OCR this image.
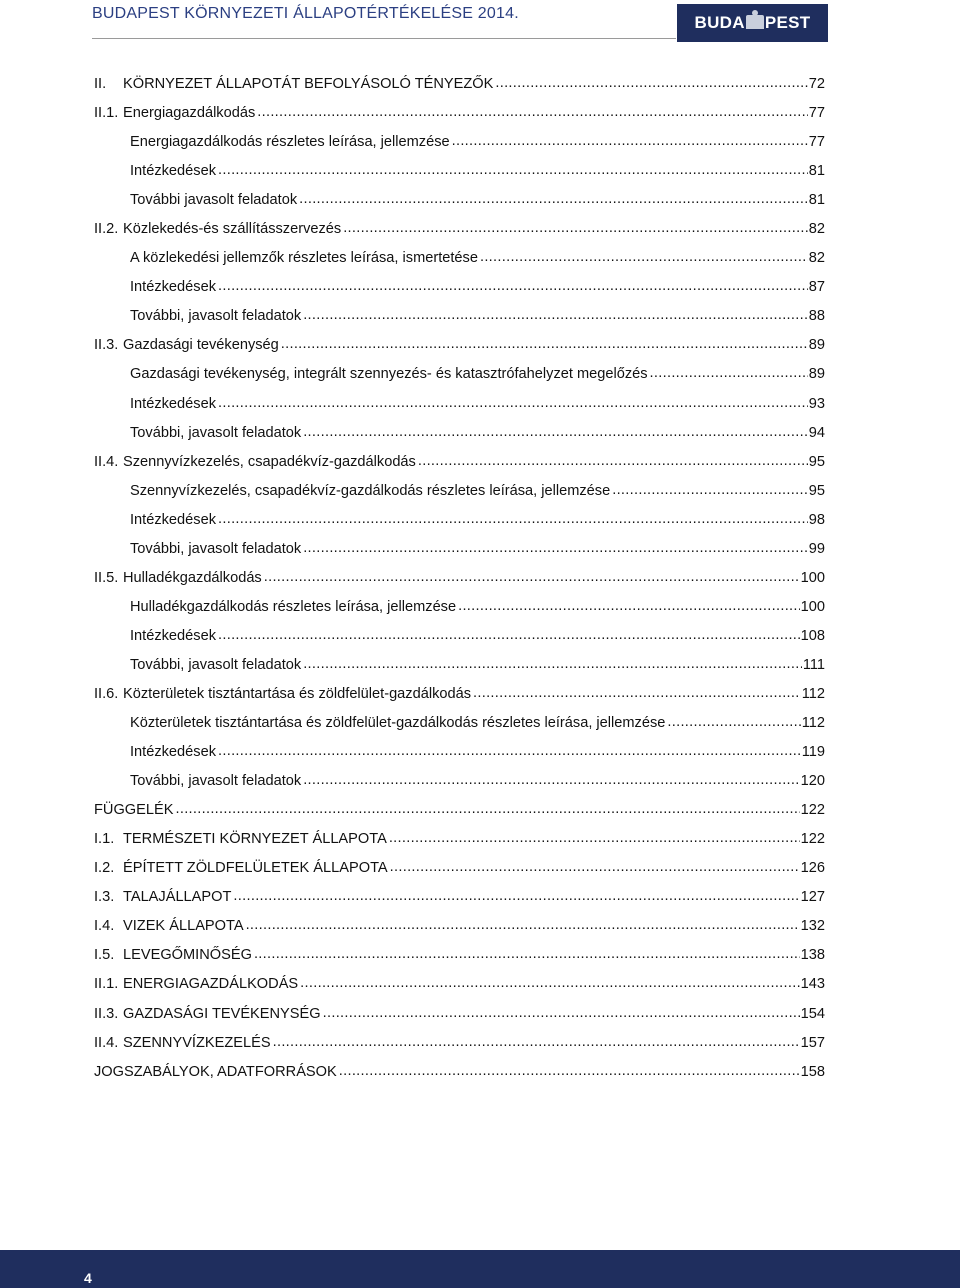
BUDAPEST KÖRNYEZETI ÁLLAPOTÉRTÉKELÉSE 2014.	BUDA PEST
II.	KÖRNYEZET ÁLLAPOTÁT BEFOLYÁSOLÓ TÉNYEZŐK .....	72
II.1. Energiagazdálkodás .....	77
Energiagazdálkodás részletes leírása, jellemzése .....	77
Intézkedések .....	81
További javasolt feladatok .....	81
II.2. Közlekedés-és szállításszervezés .....	82
A közlekedési jellemzők részletes leírása, ismertetése .....	82
Intézkedések .....	87
További, javasolt feladatok .....	88
II.3. Gazdasági tevékenység .....	89
Gazdasági tevékenység, integrált szennyezés- és katasztrófahelyzet megelőzés .....	89
Intézkedések .....	93
További, javasolt feladatok .....	94
II.4. Szennyvízkezelés, csapadékvíz-gazdálkodás .....	95
Szennyvízkezelés, csapadékvíz-gazdálkodás részletes leírása, jellemzése .....	95
Intézkedések .....	98
További, javasolt feladatok .....	99
II.5. Hulladékgazdálkodás .....	100
Hulladékgazdálkodás részletes leírása, jellemzése .....	100
Intézkedések .....	108
További, javasolt feladatok .....	111
II.6. Közterületek tisztántartása és zöldfelület-gazdálkodás .....	112
Közterületek tisztántartása és zöldfelület-gazdálkodás részletes leírása, jellemzése .....	112
Intézkedések .....	119
További, javasolt feladatok .....	120
FÜGGELÉK .....	122
I.1. TERMÉSZETI KÖRNYEZET ÁLLAPOTA .....	122
I.2. ÉPÍTETT ZÖLDFELÜLETEK ÁLLAPOTA .....	126
I.3. TALAJÁLLAPOT .....	127
I.4. VIZEK ÁLLAPOTA .....	132
I.5. LEVEGŐMINŐSÉG .....	138
II.1. ENERGIAGAZDÁLKODÁS .....	143
II.3. GAZDASÁGI TEVÉKENYSÉG .....	154
II.4. SZENNYVÍZKEZELÉS .....	157
JOGSZABÁLYOK, ADATFORRÁSOK .....	158
4
